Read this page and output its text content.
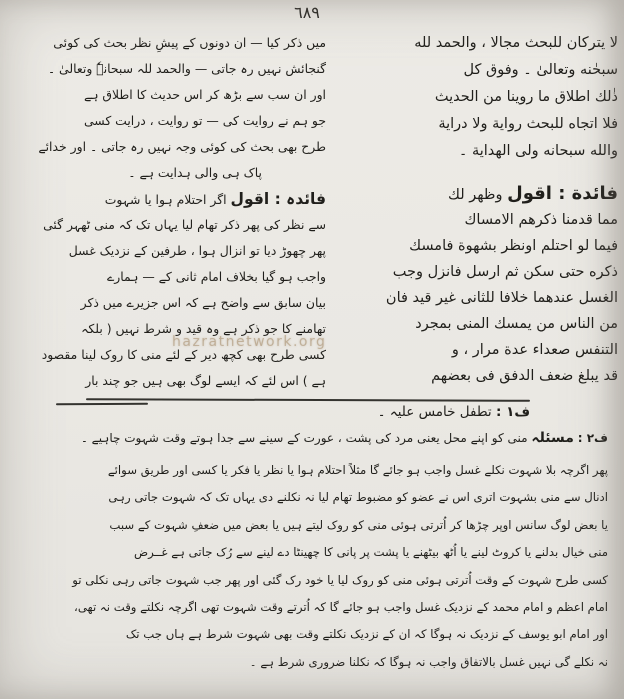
٦٨٩
لا يتركان للبحث مجالا ، والحمد لله
سبحٰنه وتعالىٰ ۔ وفوق كل
ذٰلك اطلاق ما روينا من الحديث
فلا اتجاه للبحث رواية ولا دراية
والله سبحانه ولى الهداية ۔
فائدة : اقول وظهر لك
مما قدمنا ذكرهم الامساك
فيما لو احتلم اونظر بشهوة فامسك
ذكره حتى سكن ثم ارسل فانزل وجب
الغسل عندهما خلافا للثانى غير قيد فان
من الناس من يمسك المنى بمجرد
التنفس صعداء عدة مرار ، و
قد يبلغ ضعف الدفق فى بعضهم
میں ذکر کیا — ان دونوں کے پیشِ نظر بحث کی کوئی
گنجائش نہیں رہ جاتی — والحمد للہ سبحانہٗ وتعالیٰ ۔
اور ان سب سے بڑھ کر اس حدیث کا اطلاق ہے
جو ہم نے روایت کی — تو روایت ، درایت کسی
طرح بھی بحث کی کوئی وجہ نہیں رہ جاتی ۔ اور خدائے
پاک ہی والی ہدایت ہے ۔
فائدہ : اقول اگر احتلام ہوا یا شہوت
سے نظر کی پھر ذکر تھام لیا یہاں تک کہ منی ٹھہر گئی
پھر چھوڑ دیا تو انزال ہوا ، طرفین کے نزدیک غسل
واجب ہو گیا بخلاف امام ثانی کے — ہمارے
بیان سابق سے واضح ہے کہ اس جزیرے میں ذکر
تھامنے کا جو ذکر ہے وہ قید و شرط نہیں ( بلکہ
کسی طرح بھی کچھ دیر کے لئے منی کا روک لینا مقصود
ہے ) اس لئے کہ ایسے لوگ بھی ہیں جو چند بار
hazratnetwork.org
ف۱ : تطفل خامس علیہ ۔
ف۲ : مسئلہ منی کو اپنے محل یعنی مرد کی پشت ، عورت کے سینے سے جدا ہوتے وقت شہوت چاہیے ۔
پھر اگرچہ بلا شہوت نکلے غسل واجب ہو جائے گا مثلاً احتلام ہوا یا نظر یا فکر یا کسی اور طریق سوائے
ادنال سے منی بشہوت اتری اس نے عضو کو مضبوط تھام لیا نہ نکلنے دی یہاں تک کہ شہوت جاتی رہی
یا بعض لوگ سانس اوپر چڑھا کر اُترتی ہوئی منی کو روک لیتے ہیں یا بعض میں ضعفِ شہوت کے سبب
منی خیال بدلنے یا کروٹ لینے یا اُٹھ بیٹھنے یا پشت پر پانی کا چھینٹا دے لینے سے رُک جاتی ہے غــرض
کسی طرح شہوت کے وقت اُترتی ہوئی منی کو روک لیا یا خود رک گئی اور پھر جب شہوت جاتی رہی نکلی تو
امام اعظم و امام محمد کے نزدیک غسل واجب ہو جائے گا کہ اُترتے وقت شہوت تھی اگرچہ نکلتے وقت نہ تھی،
اور امام ابو یوسف کے نزدیک نہ ہوگا کہ ان کے نزدیک نکلتے وقت بھی شہوت شرط ہے ہاں جب تک
نہ نکلے گی نہیں غسل بالاتفاق واجب نہ ہوگا کہ نکلنا ضروری شرط ہے ۔
